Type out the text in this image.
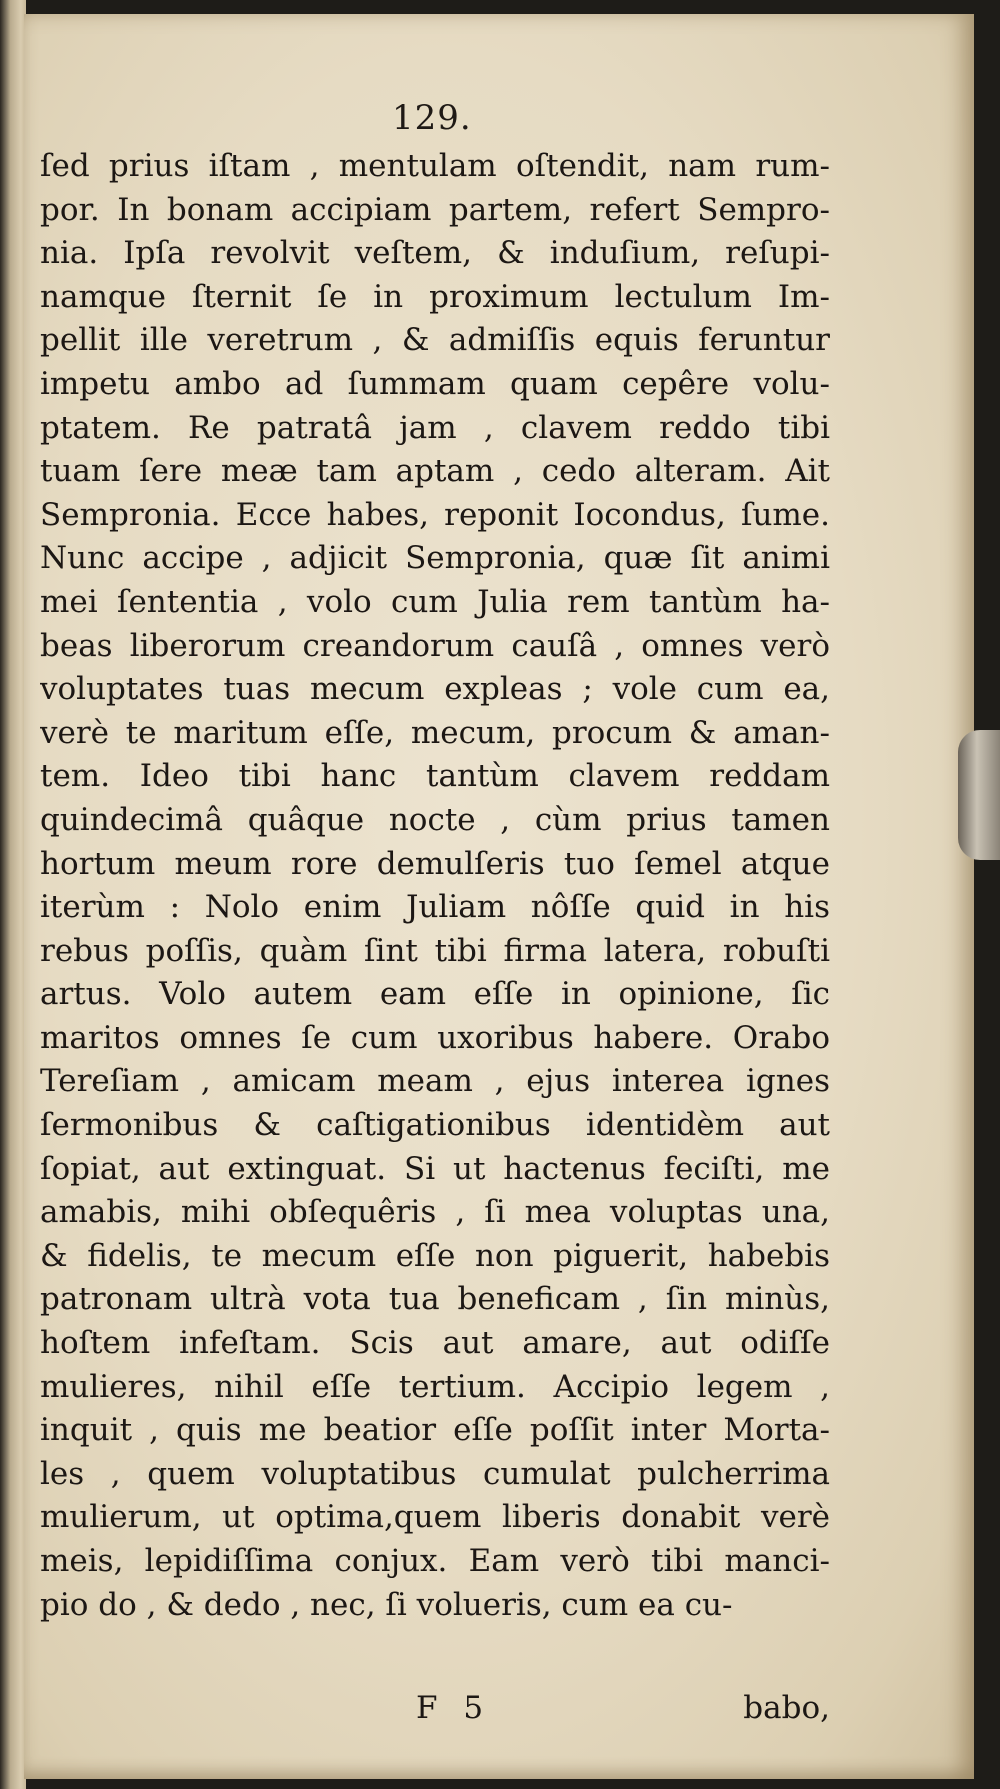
129.
ſed prius iſtam , mentulam oſtendit, nam rum-
por. In bonam accipiam partem, refert Sempro-
nia. Ipſa revolvit veſtem, & induſium, reſupi-
namque ſternit ſe in proximum lectulum Im-
pellit ille veretrum , & admiſſis equis feruntur
impetu ambo ad ſummam quam cepêre volu-
ptatem. Re patratâ jam , clavem reddo tibi
tuam ſere meæ tam aptam , cedo alteram. Ait
Sempronia. Ecce habes, reponit Iocondus, ſume.
Nunc accipe , adjicit Sempronia, quæ ſit animi
mei ſententia , volo cum Julia rem tantùm ha-
beas liberorum creandorum cauſâ , omnes verò
voluptates tuas mecum expleas ; vole cum ea,
verè te maritum eſſe, mecum, procum & aman-
tem. Ideo tibi hanc tantùm clavem reddam
quindecimâ quâque nocte , cùm prius tamen
hortum meum rore demulſeris tuo ſemel atque
iterùm : Nolo enim Juliam nôſſe quid in his
rebus poſſis, quàm ſint tibi firma latera, robuſti
artus. Volo autem eam eſſe in opinione, ſic
maritos omnes ſe cum uxoribus habere. Orabo
Tereſiam , amicam meam , ejus interea ignes
ſermonibus & caſtigationibus identidèm aut
ſopiat, aut extinguat. Si ut hactenus feciſti, me
amabis, mihi obſequêris , ſi mea voluptas una,
& fidelis, te mecum eſſe non piguerit, habebis
patronam ultrà vota tua beneficam , ſin minùs,
hoſtem infeſtam. Scis aut amare, aut odiſſe
mulieres, nihil eſſe tertium. Accipio legem ,
inquit , quis me beatior eſſe poſſit inter Morta-
les , quem voluptatibus cumulat pulcherrima
mulierum, ut optima,quem liberis donabit verè
meis, lepidiſſima conjux. Eam verò tibi manci-
pio do , & dedo , nec, ſi volueris, cum ea cu-
F 5	babo,
